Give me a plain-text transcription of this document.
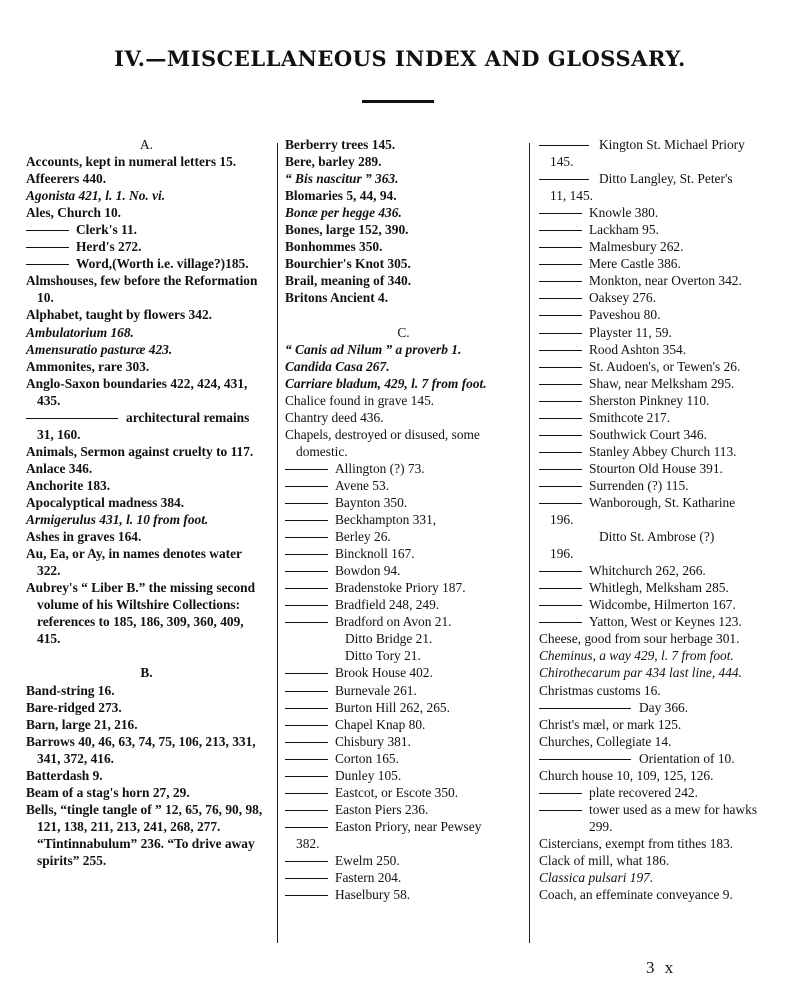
IV.—MISCELLANEOUS INDEX AND GLOSSARY.

A.

Accounts, kept in numeral letters 15.

Affeerers 440.

Agonista 421, l. 1. No. vi.

Ales, Church 10.

Clerk's 11.

Herd's 272.

Word,(Worth i.e. village?)185.

Almshouses, few before the Reformation 10.

Alphabet, taught by flowers 342.

Ambulatorium 168.

Amensuratio pasturæ 423.

Ammonites, rare 303.

Anglo-Saxon boundaries 422, 424, 431, 435.

architectural remains

31, 160.

Animals, Sermon against cruelty to 117.

Anlace 346.

Anchorite 183.

Apocalyptical madness 384.

Armigerulus 431, l. 10 from foot.

Ashes in graves 164.

Au, Ea, or Ay, in names denotes water 322.

Aubrey's “ Liber B.” the missing second volume of his Wiltshire Collections: references to 185, 186, 309, 360, 409, 415.

B.

Band-string 16.

Bare-ridged 273.

Barn, large 21, 216.

Barrows 40, 46, 63, 74, 75, 106, 213, 331, 341, 372, 416.

Batterdash 9.

Beam of a stag's horn 27, 29.

Bells, “tingle tangle of ” 12, 65, 76, 90, 98, 121, 138, 211, 213, 241, 268, 277. “Tintinnabulum” 236. “To drive away spirits” 255.

Berberry trees 145.

Bere, barley 289.

“ Bis nascitur ” 363.

Blomaries 5, 44, 94.

Bonæ per hegge 436.

Bones, large 152, 390.

Bonhommes 350.

Bourchier's Knot 305.

Brail, meaning of 340.

Britons Ancient 4.

C.

“ Canis ad Nilum ” a proverb 1.

Candida Casa 267.

Carriare bladum, 429, l. 7 from foot.

Chalice found in grave 145.

Chantry deed 436.

Chapels, destroyed or disused, some domestic.

Allington (?) 73.

Avene 53.

Baynton 350.

Beckhampton 331,

Berley 26.

Bincknoll 167.

Bowdon 94.

Bradenstoke Priory 187.

Bradfield 248, 249.

Bradford on Avon 21.

Ditto Bridge 21.

Ditto Tory 21.

Brook House 402.

Burnevale 261.

Burton Hill 262, 265.

Chapel Knap 80.

Chisbury 381.

Corton 165.

Dunley 105.

Eastcot, or Escote 350.

Easton Piers 236.

Easton Priory, near Pewsey

382.

Ewelm 250.

Fastern 204.

Haselbury 58.

Kington St. Michael Priory

145.

Ditto Langley, St. Peter's

11, 145.

Knowle 380.

Lackham 95.

Malmesbury 262.

Mere Castle 386.

Monkton, near Overton 342.

Oaksey 276.

Paveshou 80.

Playster 11, 59.

Rood Ashton 354.

St. Audoen's, or Tewen's 26.

Shaw, near Melksham 295.

Sherston Pinkney 110.

Smithcote 217.

Southwick Court 346.

Stanley Abbey Church 113.

Stourton Old House 391.

Surrenden (?) 115.

Wanborough, St. Katharine

196.

Ditto St. Ambrose (?)

196.

Whitchurch 262, 266.

Whitlegh, Melksham 285.

Widcombe, Hilmerton 167.

Yatton, West or Keynes 123.

Cheese, good from sour herbage 301.

Cheminus, a way 429, l. 7 from foot.

Chirothecarum par 434 last line, 444.

Christmas customs 16.

Day 366.

Christ's mæl, or mark 125.

Churches, Collegiate 14.

Orientation of 10.

Church house 10, 109, 125, 126.

plate recovered 242.

tower used as a mew for hawks 299.

Cistercians, exempt from tithes 183.

Clack of mill, what 186.

Classica pulsari 197.

Coach, an effeminate conveyance 9.

3 x
